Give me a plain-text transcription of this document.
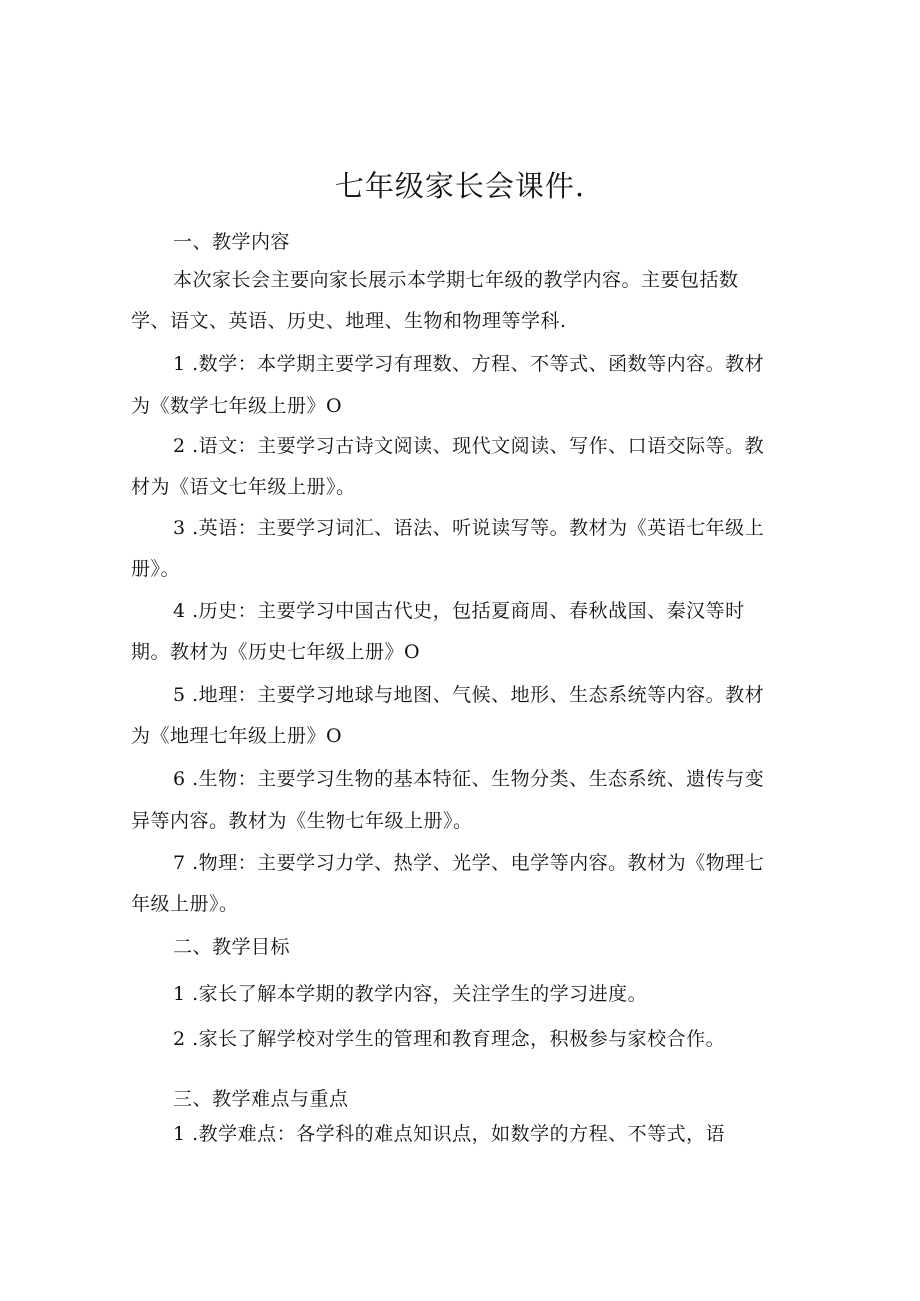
七年级家长会课件.
一、教学内容
本次家长会主要向家长展示本学期七年级的教学内容。主要包括数
学、语文、英语、历史、地理、生物和物理等学科.
1 .数学：本学期主要学习有理数、方程、不等式、函数等内容。教材
为《数学七年级上册》O
2 .语文：主要学习古诗文阅读、现代文阅读、写作、口语交际等。教
材为《语文七年级上册》。
3 .英语：主要学习词汇、语法、听说读写等。教材为《英语七年级上
册》。
4 .历史：主要学习中国古代史，包括夏商周、春秋战国、秦汉等时
期。教材为《历史七年级上册》O
5 .地理：主要学习地球与地图、气候、地形、生态系统等内容。教材
为《地理七年级上册》O
6 .生物：主要学习生物的基本特征、生物分类、生态系统、遗传与变
异等内容。教材为《生物七年级上册》。
7 .物理：主要学习力学、热学、光学、电学等内容。教材为《物理七
年级上册》。
二、教学目标
1 .家长了解本学期的教学内容，关注学生的学习进度。
2 .家长了解学校对学生的管理和教育理念，积极参与家校合作。
三、教学难点与重点
1 .教学难点：各学科的难点知识点，如数学的方程、不等式，语
